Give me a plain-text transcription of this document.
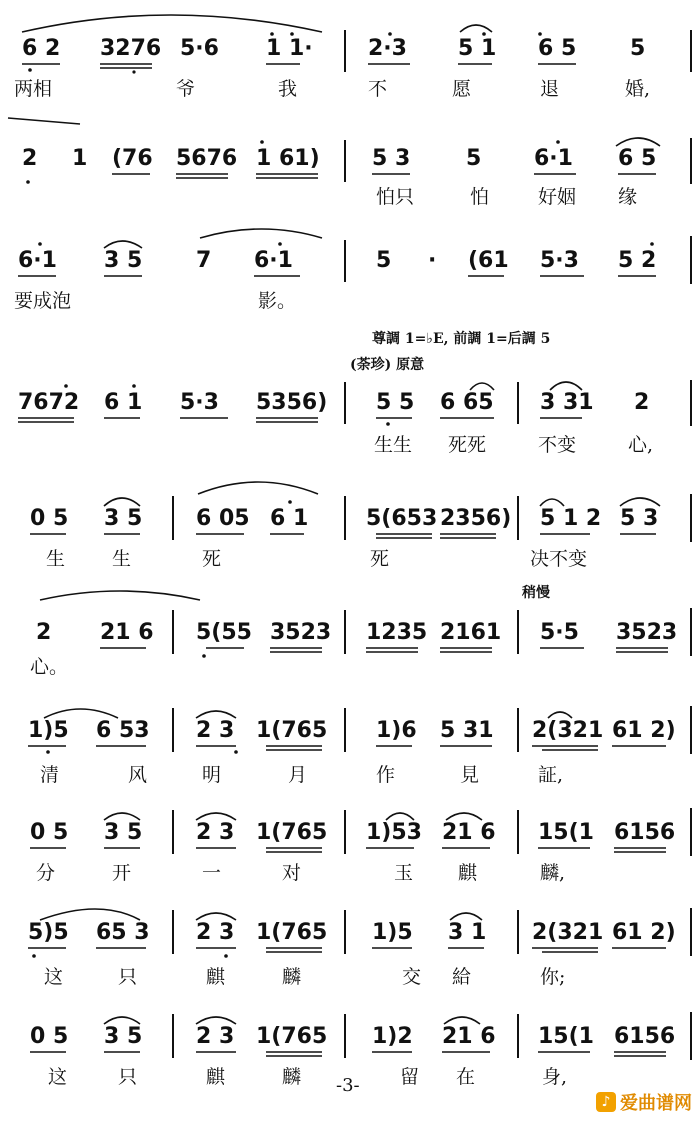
6 2 3276 5·6 1 1·	2·3 5 1 6 5 5
两相	爷	我	不	愿	退	婚,
2 1 (76 5676 1 61) 5 3	5 6·1 6 5
怕只	怕	好姻 缘
6·1 3 5 7 6·1	5 · (61 5·3 5 2
要成泡	影。
尊調 1=♭E, 前調 1=后調 5
(荼珍) 原意
7672 6 1 5·3 5356) 5 5 6 65 3 31 2
生生 死死	不变	心,
0 5 3 5 6 05 6 1	5(653 2356) 5 1 2 5 3
生 生	死	死	决不变
稍慢
2 21 6 5(55 3523 1235 2161 5·5 3523
心。
1)5 6 53 2 3 1(765 1)6 5 31 2(321 61 2)
清	风	明	月	作	見	証,
0 5 3 5 2 3 1(765 1)53 21 6 15(1 6156
分	开	一	对	玉 麒	麟,
5)5 65 3 2 3 1(765 1)5 3 1 2(321 61 2)
这	只	麒	麟	交 給	你;
0 5 3 5 2 3 1(765 1)2 21 6 15(1 6156
这	只	麒	麟	留 在	身,
-3-
♪ 爱曲谱网
